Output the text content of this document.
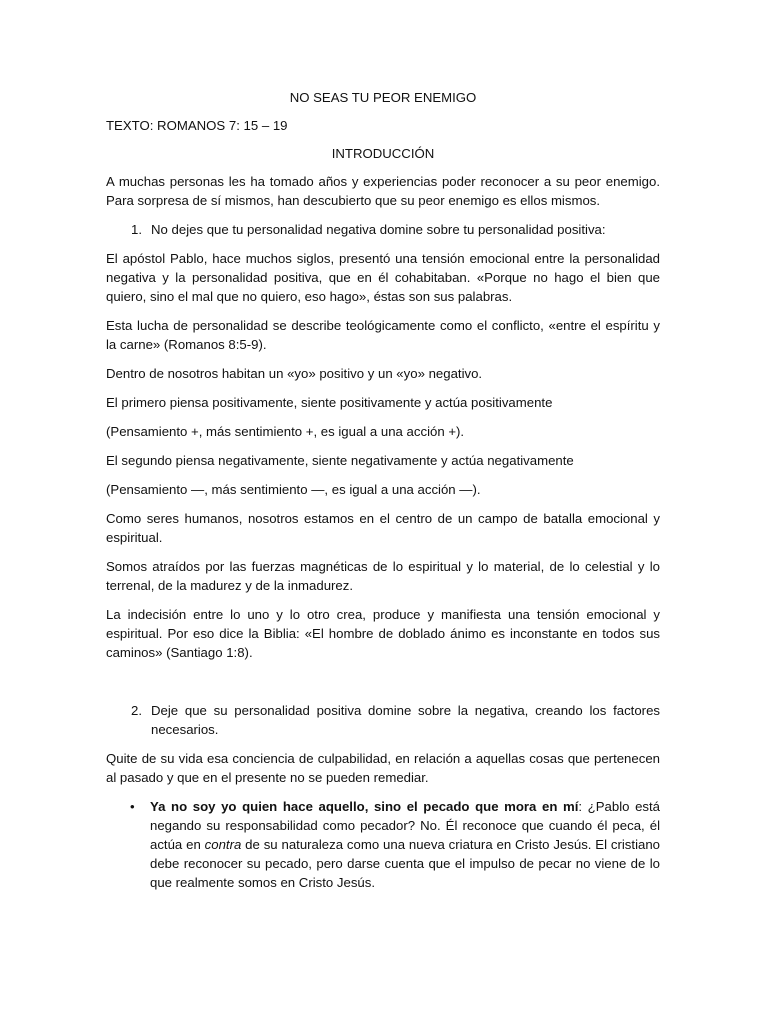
NO SEAS TU PEOR ENEMIGO
TEXTO: ROMANOS 7: 15 – 19
INTRODUCCIÓN

A muchas personas les ha tomado años y experiencias poder reconocer a su peor enemigo. Para sorpresa de sí mismos, han descubierto que su peor enemigo es ellos mismos.

1. No dejes que tu personalidad negativa domine sobre tu personalidad positiva:

El apóstol Pablo, hace muchos siglos, presentó una tensión emocional entre la personalidad negativa y la personalidad positiva, que en él cohabitaban. «Porque no hago el bien que quiero, sino el mal que no quiero, eso hago», éstas son sus palabras.

Esta lucha de personalidad se describe teológicamente como el conflicto, «entre el espíritu y la carne» (Romanos 8:5-9).

Dentro de nosotros habitan un «yo» positivo y un «yo» negativo.

El primero piensa positivamente, siente positivamente y actúa positivamente

(Pensamiento +, más sentimiento +, es igual a una acción +).

El segundo piensa negativamente, siente negativamente y actúa negativamente

(Pensamiento —, más sentimiento —, es igual a una acción —).

Como seres humanos, nosotros estamos en el centro de un campo de batalla emocional y espiritual.

Somos atraídos por las fuerzas magnéticas de lo espiritual y lo material, de lo celestial y lo terrenal, de la madurez y de la inmadurez.

La indecisión entre lo uno y lo otro crea, produce y manifiesta una tensión emocional y espiritual. Por eso dice la Biblia: «El hombre de doblado ánimo es inconstante en todos sus caminos» (Santiago 1:8).

2. Deje que su personalidad positiva domine sobre la negativa, creando los factores necesarios.

Quite de su vida esa conciencia de culpabilidad, en relación a aquellas cosas que pertenecen al pasado y que en el presente no se pueden remediar.

•	Ya no soy yo quien hace aquello, sino el pecado que mora en mí: ¿Pablo está negando su responsabilidad como pecador? No. Él reconoce que cuando él peca, él actúa en contra de su naturaleza como una nueva criatura en Cristo Jesús. El cristiano debe reconocer su pecado, pero darse cuenta que el impulso de pecar no viene de lo que realmente somos en Cristo Jesús.
